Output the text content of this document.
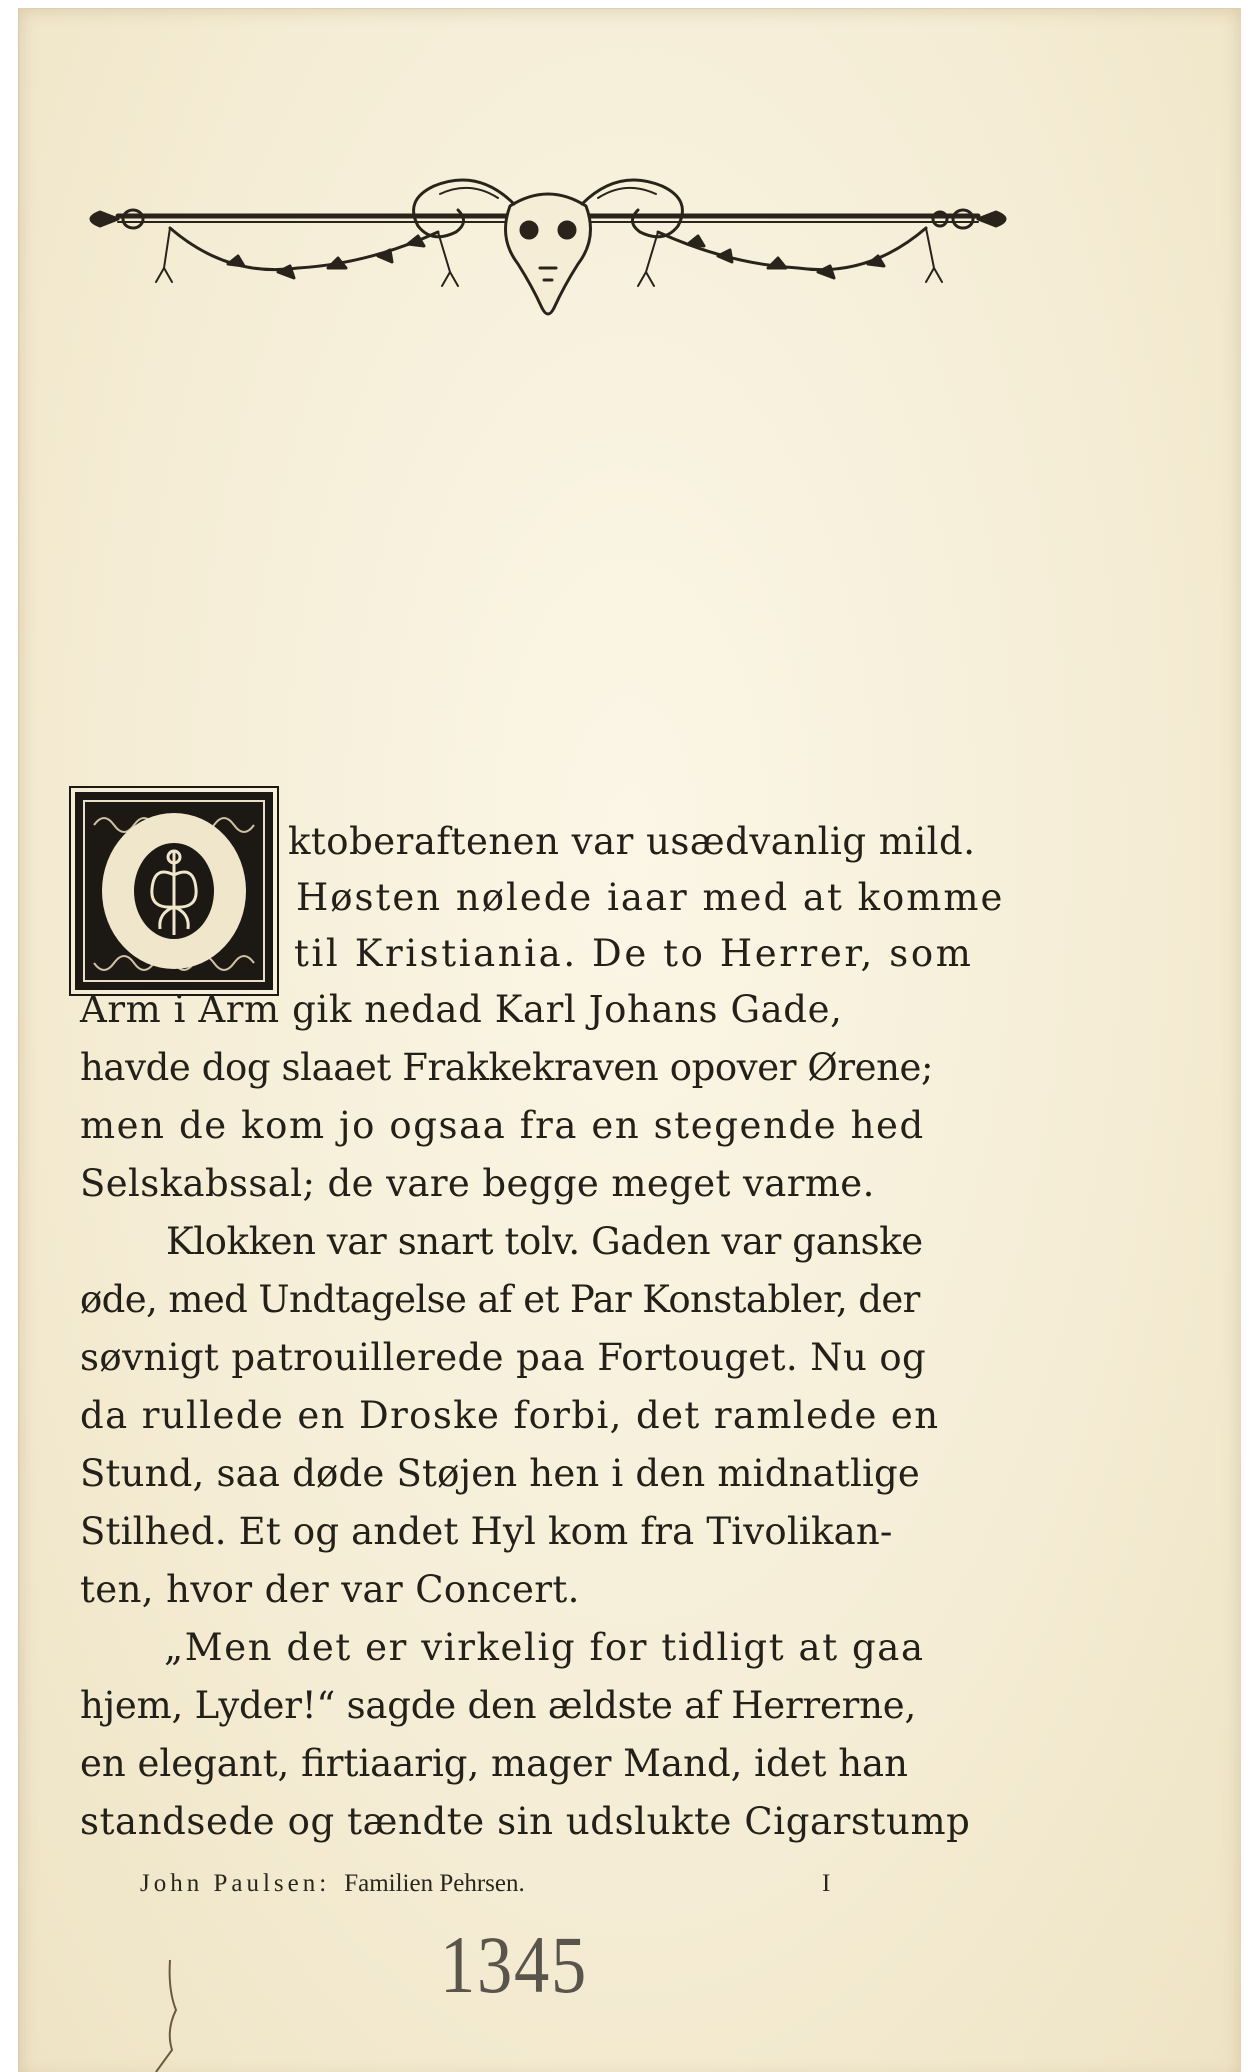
ktoberaftenen var usædvanlig mild.
Høsten nølede iaar med at komme
til Kristiania. De to Herrer, som
Arm i Arm gik nedad Karl Johans Gade,
havde dog slaaet Frakkekraven opover Ørene;
men de kom jo ogsaa fra en stegende hed
Selskabssal; de vare begge meget varme.
Klokken var snart tolv. Gaden var ganske
øde, med Undtagelse af et Par Konstabler, der
søvnigt patrouillerede paa Fortouget. Nu og
da rullede en Droske forbi, det ramlede en
Stund, saa døde Støjen hen i den midnatlige
Stilhed. Et og andet Hyl kom fra Tivolikan-
ten, hvor der var Concert.
„Men det er virkelig for tidligt at gaa
hjem, Lyder!“ sagde den ældste af Herrerne,
en elegant, firtiaarig, mager Mand, idet han
standsede og tændte sin udslukte Cigarstump
John Paulsen: Familien Pehrsen.	I
1345
